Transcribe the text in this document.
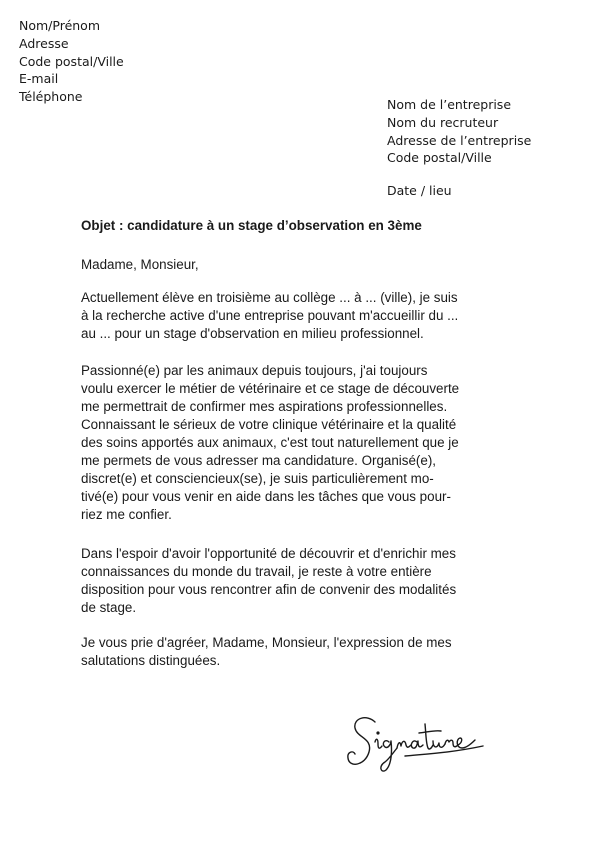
Nom/Prénom
Adresse
Code postal/Ville
E-mail
Téléphone
Nom de l’entreprise
Nom du recruteur
Adresse de l’entreprise
Code postal/Ville
Date / lieu
Objet : candidature à un stage d’observation en 3ème
Madame, Monsieur,
Actuellement élève en troisième au collège ... à ... (ville), je suis
à la recherche active d'une entreprise pouvant m'accueillir du ...
au ... pour un stage d'observation en milieu professionnel.
Passionné(e) par les animaux depuis toujours, j'ai toujours
voulu exercer le métier de vétérinaire et ce stage de découverte
me permettrait de confirmer mes aspirations professionnelles.
Connaissant le sérieux de votre clinique vétérinaire et la qualité
des soins apportés aux animaux, c'est tout naturellement que je
me permets de vous adresser ma candidature. Organisé(e),
discret(e) et consciencieux(se), je suis particulièrement mo-
tivé(e) pour vous venir en aide dans les tâches que vous pour-
riez me confier.
Dans l'espoir d'avoir l'opportunité de découvrir et d'enrichir mes
connaissances du monde du travail, je reste à votre entière
disposition pour vous rencontrer afin de convenir des modalités
de stage.
Je vous prie d'agréer, Madame, Monsieur, l'expression de mes
salutations distinguées.
